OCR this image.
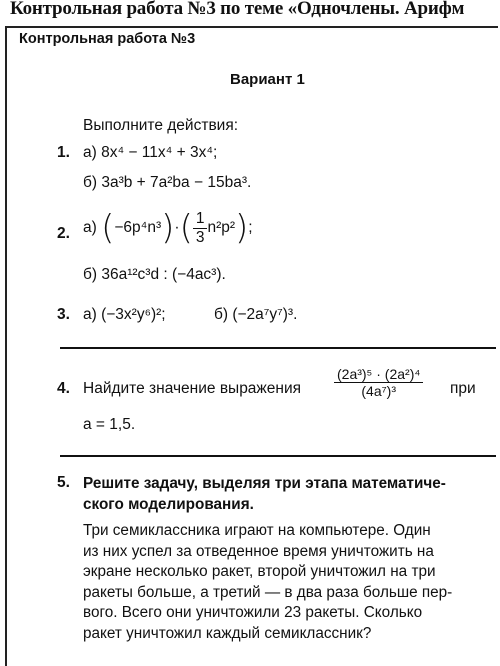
Контрольная работа №3 по теме «Одночлены. Арифм
Контрольная работа №3
Вариант 1
Выполните действия:
1. а) 8x⁴ − 11x⁴ + 3x⁴;
б) 3a³b + 7a²ba − 15ba³.
2. а)
( −6p⁴n³ ) · ( $\frac{1}{3} n^2p^2$ ) ;
б) 36a¹²c³d : (−4ac³).
3. а) (−3x²y⁶)²;	б) (−2a⁷y⁷)³.
4. Найдите значение выражения $\frac{\text{(2a³)⁵ · (2a²)⁴}}{\text{(4a⁷)³}}$ при
a = 1,5.
5. Решите задачу, выделяя три этапа математиче-
ского моделирования.
Три семиклассника играют на компьютере. Один
из них успел за отведенное время уничтожить на
экране несколько ракет, второй уничтожил на три
ракеты больше, а третий — в два раза больше пер-
вого. Всего они уничтожили 23 ракеты. Сколько
ракет уничтожил каждый семиклассник?
